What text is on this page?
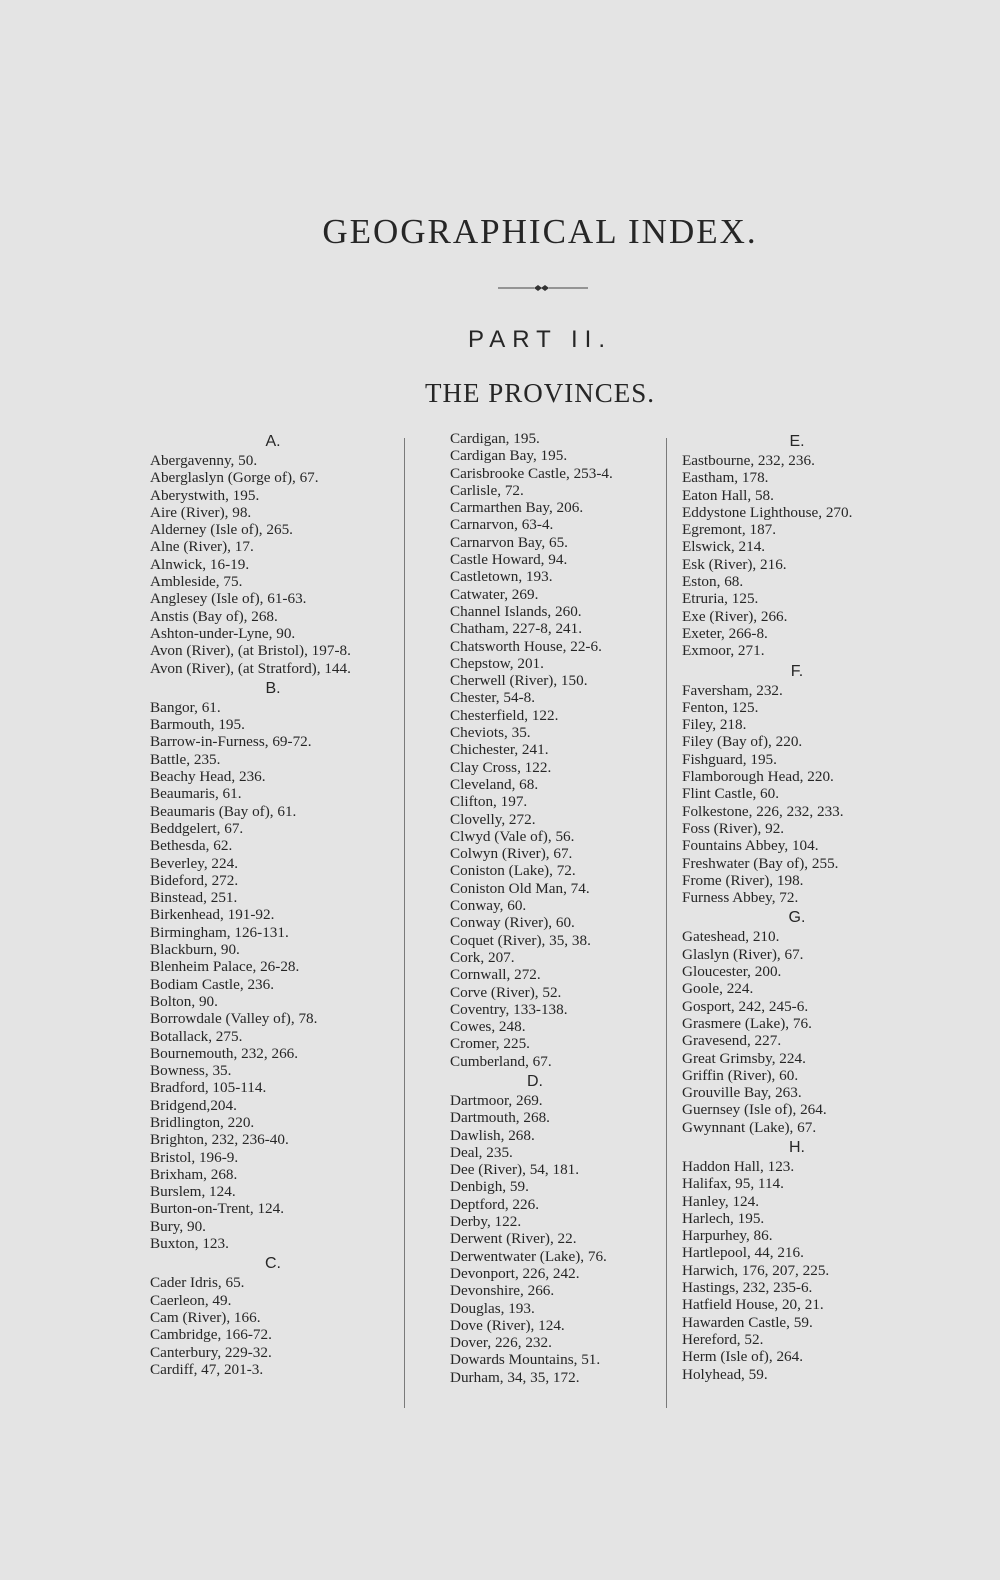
GEOGRAPHICAL INDEX.
PART II.
THE PROVINCES.
A.
Abergavenny, 50.
Aberglaslyn (Gorge of), 67.
Aberystwith, 195.
Aire (River), 98.
Alderney (Isle of), 265.
Alne (River), 17.
Alnwick, 16-19.
Ambleside, 75.
Anglesey (Isle of), 61-63.
Anstis (Bay of), 268.
Ashton-under-Lyne, 90.
Avon (River), (at Bristol), 197-8.
Avon (River), (at Stratford), 144.
B.
Bangor, 61.
Barmouth, 195.
Barrow-in-Furness, 69-72.
Battle, 235.
Beachy Head, 236.
Beaumaris, 61.
Beaumaris (Bay of), 61.
Beddgelert, 67.
Bethesda, 62.
Beverley, 224.
Bideford, 272.
Binstead, 251.
Birkenhead, 191-92.
Birmingham, 126-131.
Blackburn, 90.
Blenheim Palace, 26-28.
Bodiam Castle, 236.
Bolton, 90.
Borrowdale (Valley of), 78.
Botallack, 275.
Bournemouth, 232, 266.
Bowness, 35.
Bradford, 105-114.
Bridgend,204.
Bridlington, 220.
Brighton, 232, 236-40.
Bristol, 196-9.
Brixham, 268.
Burslem, 124.
Burton-on-Trent, 124.
Bury, 90.
Buxton, 123.
C.
Cader Idris, 65.
Caerleon, 49.
Cam (River), 166.
Cambridge, 166-72.
Canterbury, 229-32.
Cardiff, 47, 201-3.
Cardigan, 195.
Cardigan Bay, 195.
Carisbrooke Castle, 253-4.
Carlisle, 72.
Carmarthen Bay, 206.
Carnarvon, 63-4.
Carnarvon Bay, 65.
Castle Howard, 94.
Castletown, 193.
Catwater, 269.
Channel Islands, 260.
Chatham, 227-8, 241.
Chatsworth House, 22-6.
Chepstow, 201.
Cherwell (River), 150.
Chester, 54-8.
Chesterfield, 122.
Cheviots, 35.
Chichester, 241.
Clay Cross, 122.
Cleveland, 68.
Clifton, 197.
Clovelly, 272.
Clwyd (Vale of), 56.
Colwyn (River), 67.
Coniston (Lake), 72.
Coniston Old Man, 74.
Conway, 60.
Conway (River), 60.
Coquet (River), 35, 38.
Cork, 207.
Cornwall, 272.
Corve (River), 52.
Coventry, 133-138.
Cowes, 248.
Cromer, 225.
Cumberland, 67.
D.
Dartmoor, 269.
Dartmouth, 268.
Dawlish, 268.
Deal, 235.
Dee (River), 54, 181.
Denbigh, 59.
Deptford, 226.
Derby, 122.
Derwent (River), 22.
Derwentwater (Lake), 76.
Devonport, 226, 242.
Devonshire, 266.
Douglas, 193.
Dove (River), 124.
Dover, 226, 232.
Dowards Mountains, 51.
Durham, 34, 35, 172.
E.
Eastbourne, 232, 236.
Eastham, 178.
Eaton Hall, 58.
Eddystone Lighthouse, 270.
Egremont, 187.
Elswick, 214.
Esk (River), 216.
Eston, 68.
Etruria, 125.
Exe (River), 266.
Exeter, 266-8.
Exmoor, 271.
F.
Faversham, 232.
Fenton, 125.
Filey, 218.
Filey (Bay of), 220.
Fishguard, 195.
Flamborough Head, 220.
Flint Castle, 60.
Folkestone, 226, 232, 233.
Foss (River), 92.
Fountains Abbey, 104.
Freshwater (Bay of), 255.
Frome (River), 198.
Furness Abbey, 72.
G.
Gateshead, 210.
Glaslyn (River), 67.
Gloucester, 200.
Goole, 224.
Gosport, 242, 245-6.
Grasmere (Lake), 76.
Gravesend, 227.
Great Grimsby, 224.
Griffin (River), 60.
Grouville Bay, 263.
Guernsey (Isle of), 264.
Gwynnant (Lake), 67.
H.
Haddon Hall, 123.
Halifax, 95, 114.
Hanley, 124.
Harlech, 195.
Harpurhey, 86.
Hartlepool, 44, 216.
Harwich, 176, 207, 225.
Hastings, 232, 235-6.
Hatfield House, 20, 21.
Hawarden Castle, 59.
Hereford, 52.
Herm (Isle of), 264.
Holyhead, 59.
